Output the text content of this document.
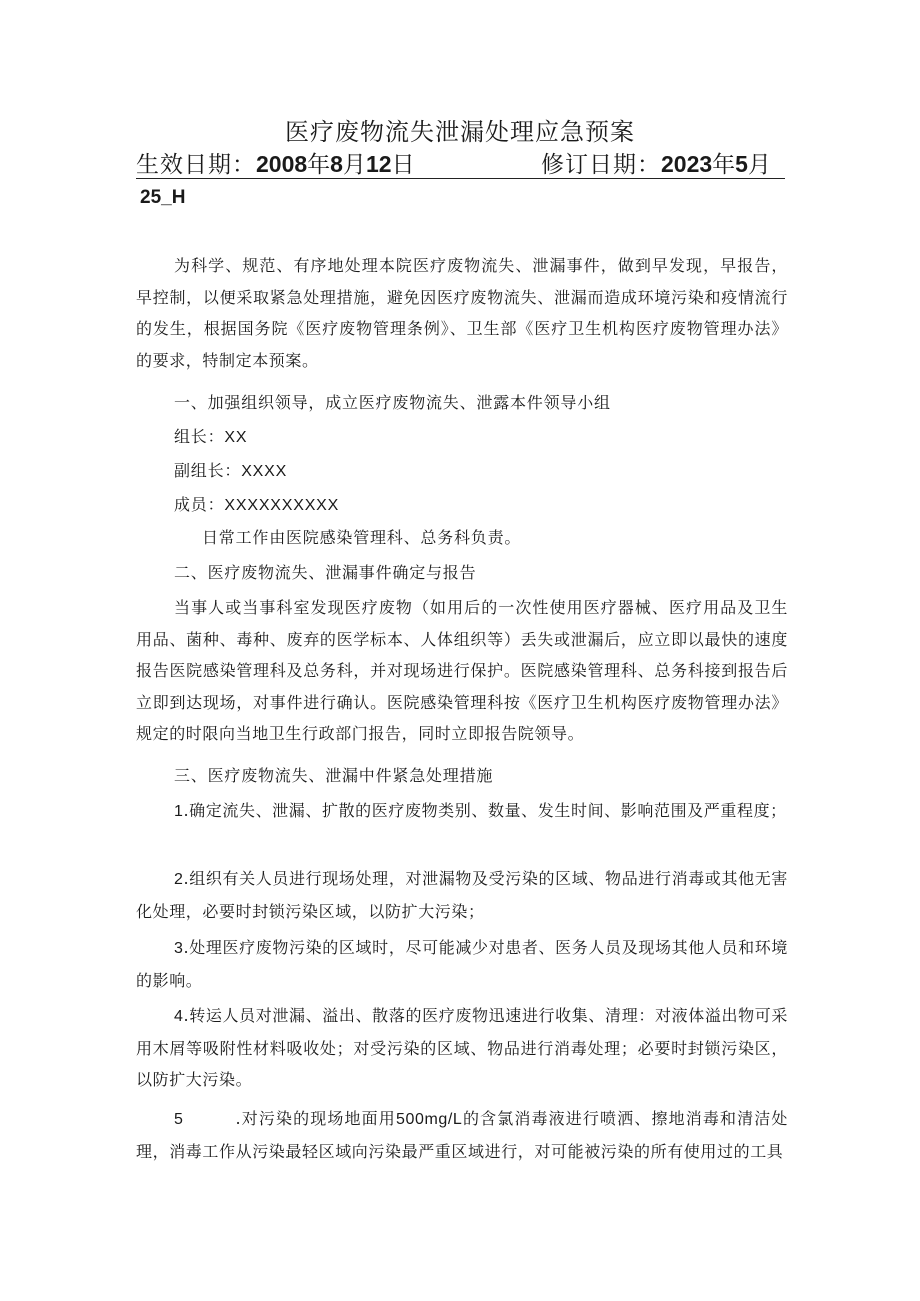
医疗废物流失泄漏处理应急预案
生效日期：2008年8月12日	修订日期：2023年5月
25_H
为科学、规范、有序地处理本院医疗废物流失、泄漏事件，做到早发现，早报告，早控制，以便采取紧急处理措施，避免因医疗废物流失、泄漏而造成环境污染和疫情流行的发生，根据国务院《医疗废物管理条例》、卫生部《医疗卫生机构医疗废物管理办法》的要求，特制定本预案。
一、加强组织领导，成立医疗废物流失、泄露本件领导小组
组长：XX
副组长：XXXX
成员：XXXXXXXXXX
日常工作由医院感染管理科、总务科负责。
二、医疗废物流失、泄漏事件确定与报告
当事人或当事科室发现医疗废物（如用后的一次性使用医疗器械、医疗用品及卫生用品、菌种、毒种、废弃的医学标本、人体组织等）丢失或泄漏后，应立即以最快的速度报告医院感染管理科及总务科，并对现场进行保护。医院感染管理科、总务科接到报告后立即到达现场，对事件进行确认。医院感染管理科按《医疗卫生机构医疗废物管理办法》规定的时限向当地卫生行政部门报告，同时立即报告院领导。
三、医疗废物流失、泄漏中件紧急处理措施
1.确定流失、泄漏、扩散的医疗废物类别、数量、发生时间、影响范围及严重程度；
2.组织有关人员进行现场处理，对泄漏物及受污染的区域、物品进行消毒或其他无害化处理，必要时封锁污染区域，以防扩大污染；
3.处理医疗废物污染的区域时，尽可能减少对患者、医务人员及现场其他人员和环境的影响。
4.转运人员对泄漏、溢出、散落的医疗废物迅速进行收集、清理：对液体溢出物可采用木屑等吸附性材料吸收处；对受污染的区域、物品进行消毒处理；必要时封锁污染区，以防扩大污染。
5	.对污染的现场地面用500mg/L的含氯消毒液进行喷洒、擦地消毒和清洁处理，消毒工作从污染最轻区域向污染最严重区域进行，对可能被污染的所有使用过的工具
